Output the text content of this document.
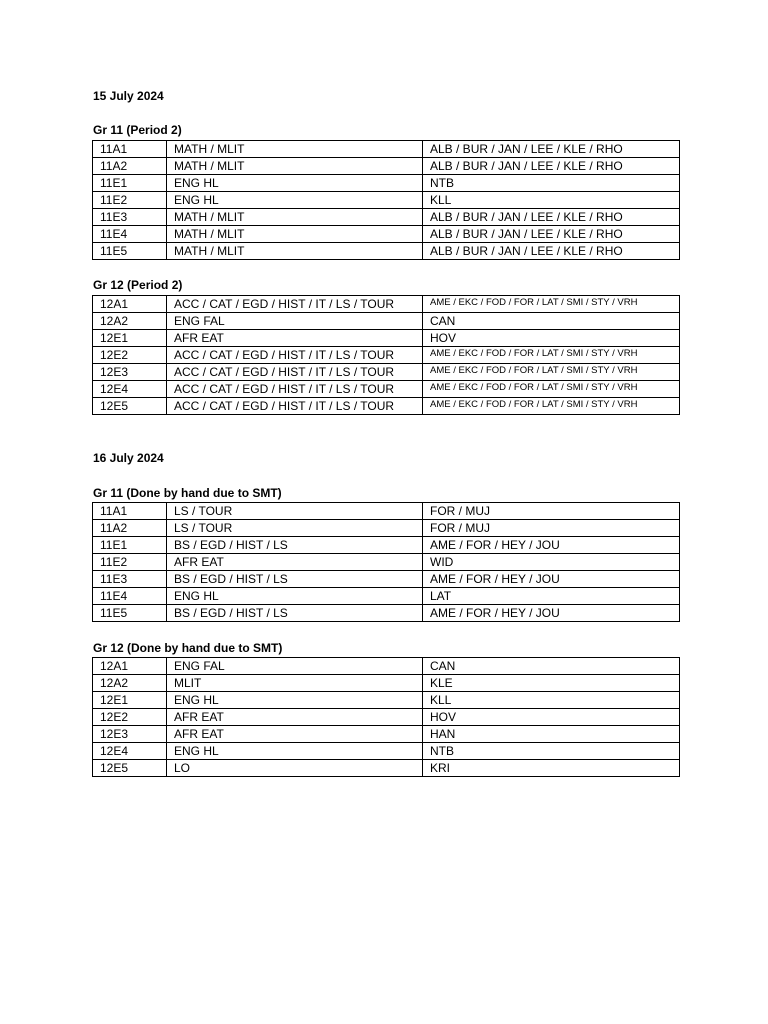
15 July 2024
Gr 11 (Period 2)
11A1	MATH / MLIT	ALB / BUR / JAN / LEE / KLE / RHO
11A2	MATH / MLIT	ALB / BUR / JAN / LEE / KLE / RHO
11E1	ENG HL	NTB
11E2	ENG HL	KLL
11E3	MATH / MLIT	ALB / BUR / JAN / LEE / KLE / RHO
11E4	MATH / MLIT	ALB / BUR / JAN / LEE / KLE / RHO
11E5	MATH / MLIT	ALB / BUR / JAN / LEE / KLE / RHO
Gr 12 (Period 2)
12A1	ACC / CAT / EGD / HIST / IT / LS / TOUR	AME / EKC / FOD / FOR / LAT / SMI / STY / VRH
12A2	ENG FAL	CAN
12E1	AFR EAT	HOV
12E2	ACC / CAT / EGD / HIST / IT / LS / TOUR	AME / EKC / FOD / FOR / LAT / SMI / STY / VRH
12E3	ACC / CAT / EGD / HIST / IT / LS / TOUR	AME / EKC / FOD / FOR / LAT / SMI / STY / VRH
12E4	ACC / CAT / EGD / HIST / IT / LS / TOUR	AME / EKC / FOD / FOR / LAT / SMI / STY / VRH
12E5	ACC / CAT / EGD / HIST / IT / LS / TOUR	AME / EKC / FOD / FOR / LAT / SMI / STY / VRH
16 July 2024
Gr 11 (Done by hand due to SMT)
11A1	LS / TOUR	FOR / MUJ
11A2	LS / TOUR	FOR / MUJ
11E1	BS / EGD / HIST / LS	AME / FOR / HEY / JOU
11E2	AFR EAT	WID
11E3	BS / EGD / HIST / LS	AME / FOR / HEY / JOU
11E4	ENG HL	LAT
11E5	BS / EGD / HIST / LS	AME / FOR / HEY / JOU
Gr 12 (Done by hand due to SMT)
12A1	ENG FAL	CAN
12A2	MLIT	KLE
12E1	ENG HL	KLL
12E2	AFR EAT	HOV
12E3	AFR EAT	HAN
12E4	ENG HL	NTB
12E5	LO	KRI
